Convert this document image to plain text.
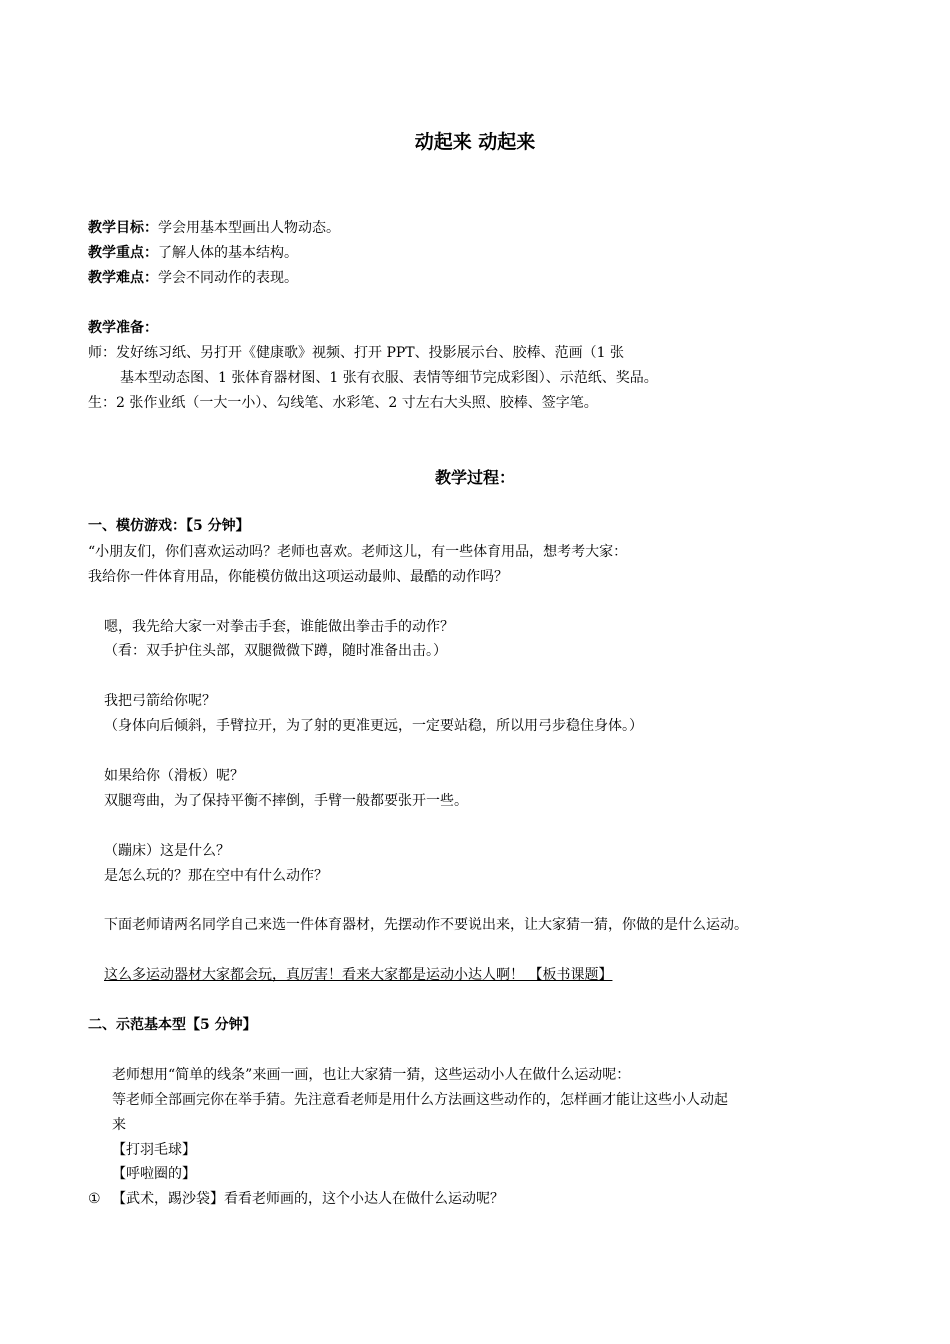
动起来 动起来
教学目标：学会用基本型画出人物动态。
教学重点：了解人体的基本结构。
教学难点：学会不同动作的表现。
教学准备：
师：发好练习纸、另打开《健康歌》视频、打开 PPT、投影展示台、胶棒、范画（1 张
基本型动态图、1 张体育器材图、1 张有衣服、表情等细节完成彩图）、示范纸、奖品。
生：2 张作业纸（一大一小）、勾线笔、水彩笔、2 寸左右大头照、胶棒、签字笔。
教学过程：
一、模仿游戏：【5 分钟】
“小朋友们，你们喜欢运动吗？老师也喜欢。老师这儿，有一些体育用品，想考考大家：
我给你一件体育用品，你能模仿做出这项运动最帅、最酷的动作吗？
嗯，我先给大家一对拳击手套，谁能做出拳击手的动作？
（看：双手护住头部，双腿微微下蹲，随时准备出击。）
我把弓箭给你呢？
（身体向后倾斜，手臂拉开，为了射的更准更远，一定要站稳，所以用弓步稳住身体。）
如果给你（滑板）呢？
双腿弯曲，为了保持平衡不摔倒，手臂一般都要张开一些。
（蹦床）这是什么？
是怎么玩的？那在空中有什么动作？
下面老师请两名同学自己来选一件体育器材，先摆动作不要说出来，让大家猜一猜，你做的是什么运动。
这么多运动器材大家都会玩，真厉害！看来大家都是运动小达人啊！ 【板书课题】
二、示范基本型【5 分钟】
老师想用“简单的线条”来画一画，也让大家猜一猜，这些运动小人在做什么运动呢：
等老师全部画完你在举手猜。先注意看老师是用什么方法画这些动作的，怎样画才能让这些小人动起
来
【打羽毛球】
【呼啦圈的】
① 【武术，踢沙袋】看看老师画的，这个小达人在做什么运动呢？
